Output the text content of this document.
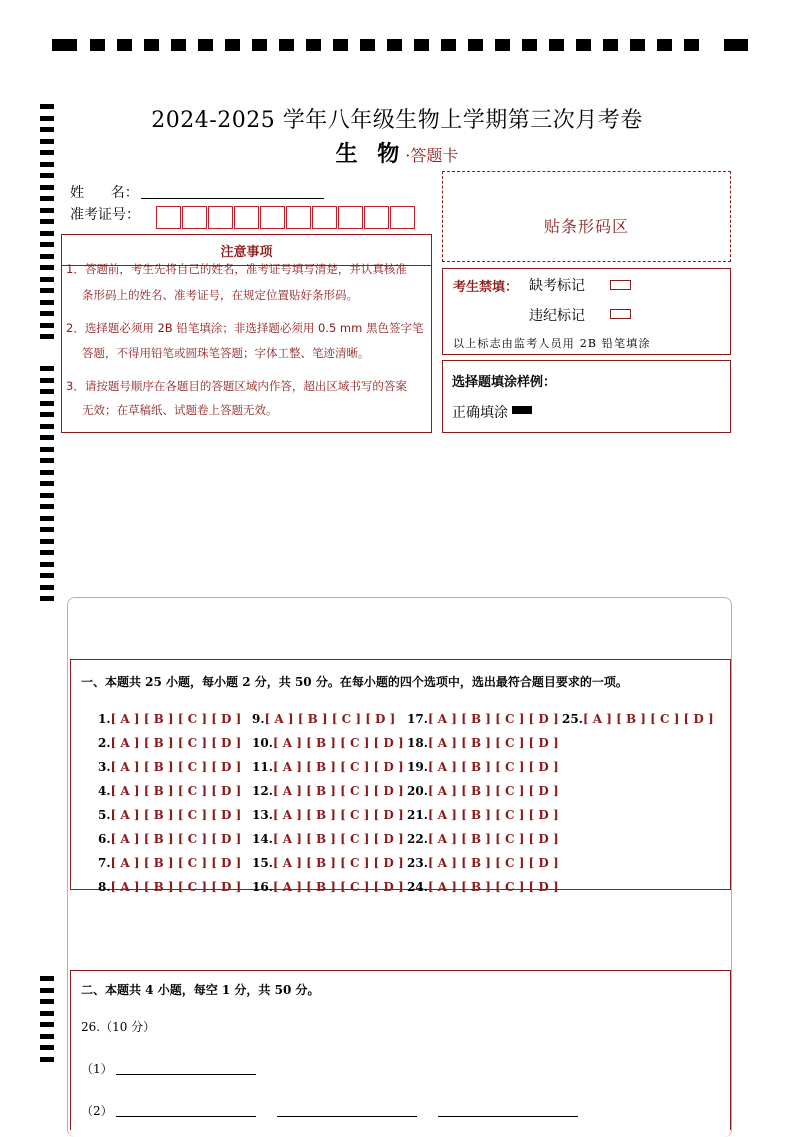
2024-2025 学年八年级生物上学期第三次月考卷
生 物·答题卡
姓      名：
准考证号：
贴条形码区
注意事项
1．答题前，考生先将自己的姓名，准考证号填写清楚，并认真核准
条形码上的姓名、准考证号，在规定位置贴好条形码。
2．选择题必须用 2B 铅笔填涂；非选择题必须用 0.5 mm 黑色签字笔
答题，不得用铅笔或圆珠笔答题；字体工整、笔迹清晰。
3．请按题号顺序在各题目的答题区域内作答，超出区域书写的答案
无效；在草稿纸、试题卷上答题无效。
考生禁填： 缺考标记
违纪标记
以上标志由监考人员用 2B 铅笔填涂
选择题填涂样例：
正确填涂
一、本题共 25 小题，每小题 2 分，共 50 分。在每小题的四个选项中，选出最符合题目要求的一项。
1.[ A ] [ B ] [ C ] [ D ]
2.[ A ] [ B ] [ C ] [ D ]
3.[ A ] [ B ] [ C ] [ D ]
4.[ A ] [ B ] [ C ] [ D ]
5.[ A ] [ B ] [ C ] [ D ]
6.[ A ] [ B ] [ C ] [ D ]
7.[ A ] [ B ] [ C ] [ D ]
8.[ A ] [ B ] [ C ] [ D ]
9.[ A ] [ B ] [ C ] [ D ]
10.[ A ] [ B ] [ C ] [ D ]
11.[ A ] [ B ] [ C ] [ D ]
12.[ A ] [ B ] [ C ] [ D ]
13.[ A ] [ B ] [ C ] [ D ]
14.[ A ] [ B ] [ C ] [ D ]
15.[ A ] [ B ] [ C ] [ D ]
16.[ A ] [ B ] [ C ] [ D ]
17.[ A ] [ B ] [ C ] [ D ]
18.[ A ] [ B ] [ C ] [ D ]
19.[ A ] [ B ] [ C ] [ D ]
20.[ A ] [ B ] [ C ] [ D ]
21.[ A ] [ B ] [ C ] [ D ]
22.[ A ] [ B ] [ C ] [ D ]
23.[ A ] [ B ] [ C ] [ D ]
24.[ A ] [ B ] [ C ] [ D ]
25.[ A ] [ B ] [ C ] [ D ]
二、本题共 4 小题，每空 1 分，共 50 分。
26.（10 分）
（1）
（2）
